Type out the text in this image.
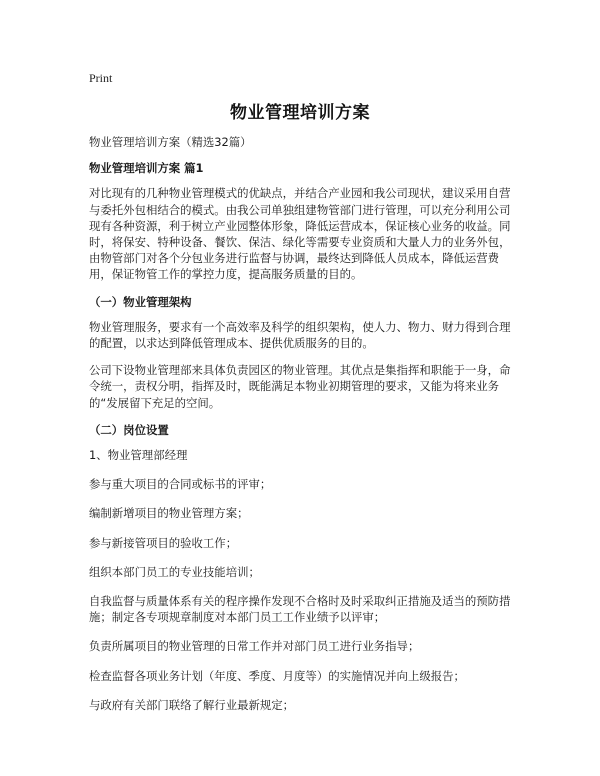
Print
物业管理培训方案

物业管理培训方案（精选32篇）

物业管理培训方案 篇1

对比现有的几种物业管理模式的优缺点，并结合产业园和我公司现状，建议采用自营与委托外包相结合的模式。由我公司单独组建物管部门进行管理，可以充分利用公司现有各种资源，利于树立产业园整体形象，降低运营成本，保证核心业务的收益。同时，将保安、特种设备、餐饮、保洁、绿化等需要专业资质和大量人力的业务外包，由物管部门对各个分包业务进行监督与协调，最终达到降低人员成本，降低运营费用，保证物管工作的掌控力度，提高服务质量的目的。

（一）物业管理架构

物业管理服务，要求有一个高效率及科学的组织架构，使人力、物力、财力得到合理的配置，以求达到降低管理成本、提供优质服务的目的。

公司下设物业管理部来具体负责园区的物业管理。其优点是集指挥和职能于一身，命令统一，责权分明，指挥及时，既能满足本物业初期管理的要求，又能为将来业务的“发展留下充足的空间。

（二）岗位设置

1、物业管理部经理

参与重大项目的合同或标书的评审；

编制新增项目的物业管理方案；

参与新接管项目的验收工作；

组织本部门员工的专业技能培训；

自我监督与质量体系有关的程序操作发现不合格时及时采取纠正措施及适当的预防措施；制定各专项规章制度对本部门员工工作业绩予以评审；

负责所属项目的物业管理的日常工作并对部门员工进行业务指导；

检查监督各项业务计划（年度、季度、月度等）的实施情况并向上级报告；

与政府有关部门联络了解行业最新规定；
